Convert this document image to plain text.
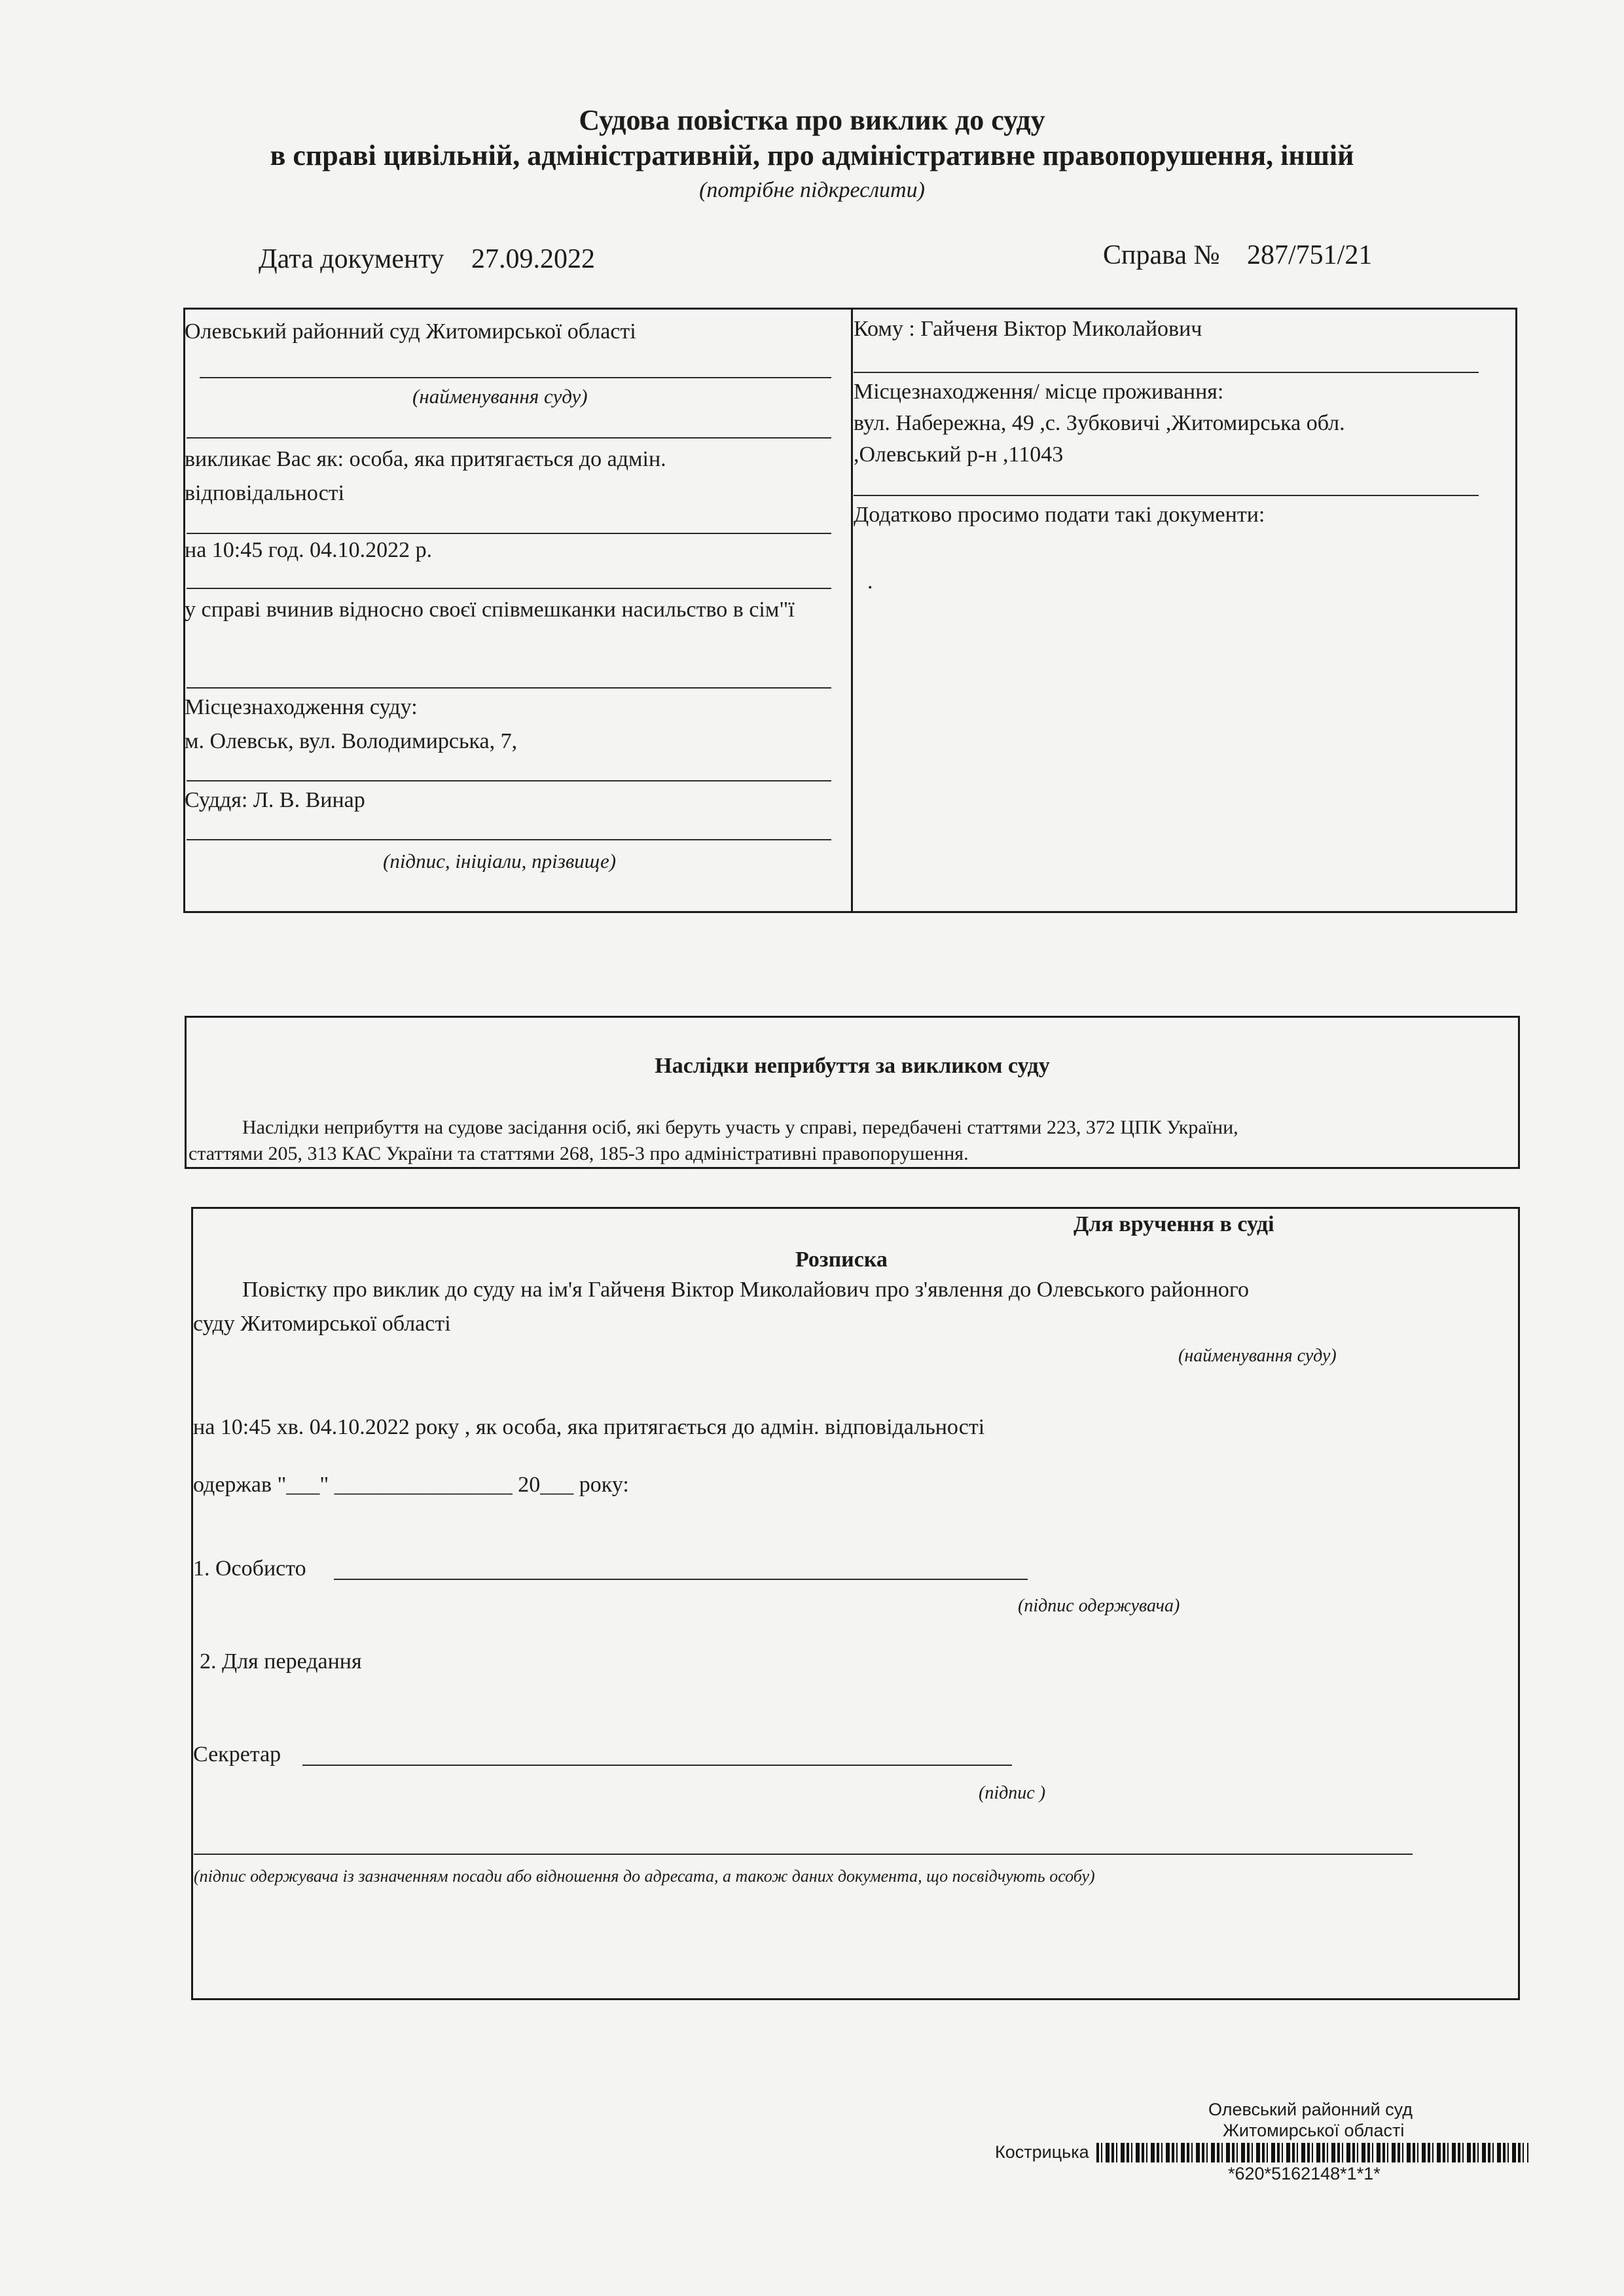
Судова повістка про виклик до суду
в справі цивільній, адміністративній, про адміністративне правопорушення, іншій
(потрібне підкреслити)
Дата документу 27.09.2022	Справа № 287/751/21
Олевський районний суд Житомирської області
(найменування суду)
викликає Вас як: особа, яка притягається до адмін. відповідальності
на 10:45 год. 04.10.2022 р.
у справі вчинив відносно своєї співмешканки насильство в сім"ї
Місцезнаходження суду:
м. Олевськ, вул. Володимирська, 7,
Суддя: Л. В. Винар
(підпис, ініціали, прізвище)
Кому : Гайченя Віктор Миколайович
Місцезнаходження/ місце проживання:
вул. Набережна, 49 ,с. Зубковичі ,Житомирська обл.
,Олевський р-н ,11043
Додатково просимо подати такі документи:
.
Наслідки неприбуття за викликом суду
Наслідки неприбуття на судове засідання осіб, які беруть участь у справі, передбачені статтями 223, 372 ЦПК України,
статтями 205, 313 КАС України та статтями 268, 185-3 про адміністративні правопорушення.
Для вручення в суді
Розписка
Повістку про виклик до суду на ім'я Гайченя Віктор Миколайович про з'явлення до Олевського районного
суду Житомирської області
(найменування суду)
на 10:45 хв. 04.10.2022 року , як особа, яка притягається до адмін. відповідальності
одержав "___" ________________ 20___ року:
1. Особисто
(підпис одержувача)
2. Для передання
Секретар
(підпис )
(підпис одержувача із зазначенням посади або відношення до адресата, а також даних документа, що посвідчують особу)
Олевський районний суд
Житомирської області
Кострицька
*620*5162148*1*1*
